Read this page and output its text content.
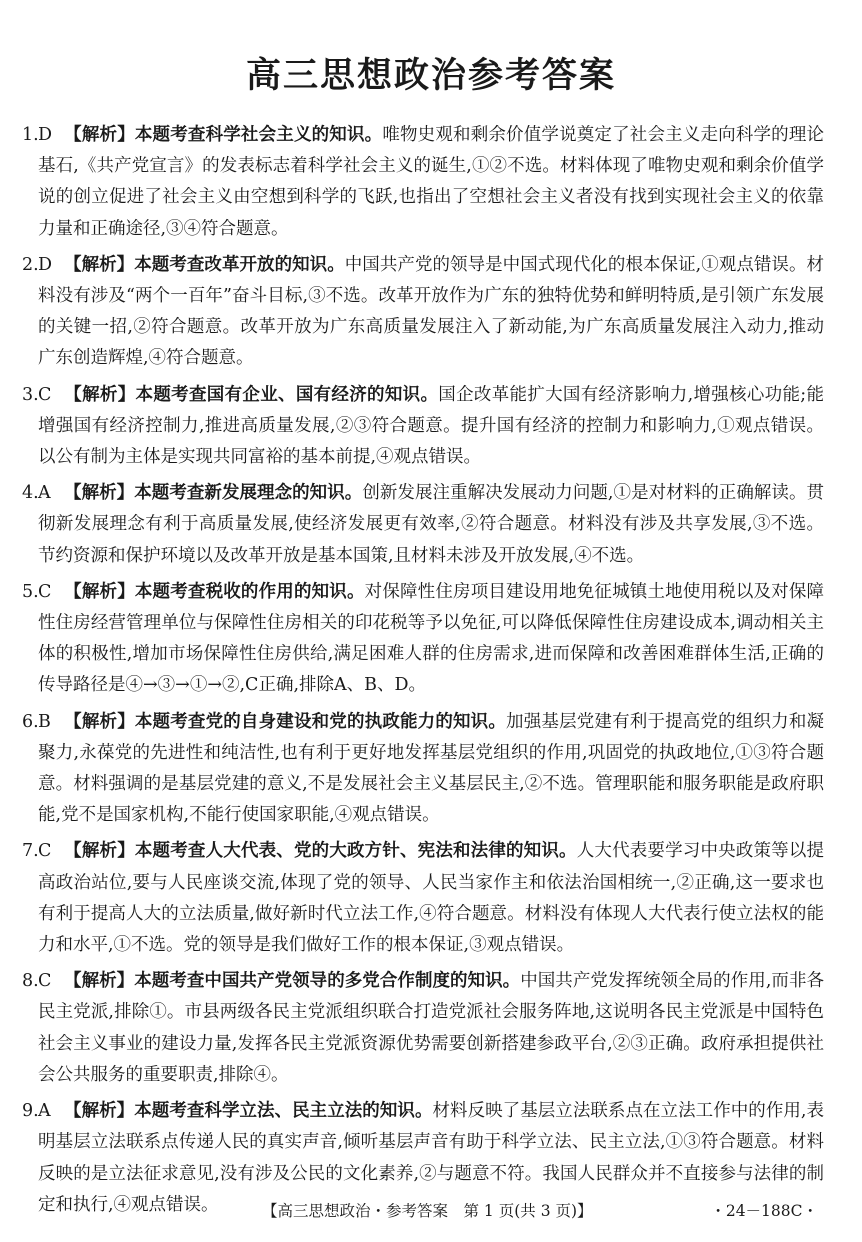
高三思想政治参考答案
1. D 【解析】本题考查科学社会主义的知识。唯物史观和剩余价值学说奠定了社会主义走向科学的理论基石,《共产党宣言》的发表标志着科学社会主义的诞生,①②不选。材料体现了唯物史观和剩余价值学说的创立促进了社会主义由空想到科学的飞跃,也指出了空想社会主义者没有找到实现社会主义的依靠力量和正确途径,③④符合题意。
2. D 【解析】本题考查改革开放的知识。中国共产党的领导是中国式现代化的根本保证,①观点错误。材料没有涉及“两个一百年”奋斗目标,③不选。改革开放作为广东的独特优势和鲜明特质,是引领广东发展的关键一招,②符合题意。改革开放为广东高质量发展注入了新动能,为广东高质量发展注入动力,推动广东创造辉煌,④符合题意。
3. C 【解析】本题考查国有企业、国有经济的知识。国企改革能扩大国有经济影响力,增强核心功能;能增强国有经济控制力,推进高质量发展,②③符合题意。提升国有经济的控制力和影响力,①观点错误。以公有制为主体是实现共同富裕的基本前提,④观点错误。
4. A 【解析】本题考查新发展理念的知识。创新发展注重解决发展动力问题,①是对材料的正确解读。贯彻新发展理念有利于高质量发展,使经济发展更有效率,②符合题意。材料没有涉及共享发展,③不选。节约资源和保护环境以及改革开放是基本国策,且材料未涉及开放发展,④不选。
5. C 【解析】本题考查税收的作用的知识。对保障性住房项目建设用地免征城镇土地使用税以及对保障性住房经营管理单位与保障性住房相关的印花税等予以免征,可以降低保障性住房建设成本,调动相关主体的积极性,增加市场保障性住房供给,满足困难人群的住房需求,进而保障和改善困难群体生活,正确的传导路径是④→③→①→②,C正确,排除A、B、D。
6. B 【解析】本题考查党的自身建设和党的执政能力的知识。加强基层党建有利于提高党的组织力和凝聚力,永葆党的先进性和纯洁性,也有利于更好地发挥基层党组织的作用,巩固党的执政地位,①③符合题意。材料强调的是基层党建的意义,不是发展社会主义基层民主,②不选。管理职能和服务职能是政府职能,党不是国家机构,不能行使国家职能,④观点错误。
7. C 【解析】本题考查人大代表、党的大政方针、宪法和法律的知识。人大代表要学习中央政策等以提高政治站位,要与人民座谈交流,体现了党的领导、人民当家作主和依法治国相统一,②正确,这一要求也有利于提高人大的立法质量,做好新时代立法工作,④符合题意。材料没有体现人大代表行使立法权的能力和水平,①不选。党的领导是我们做好工作的根本保证,③观点错误。
8. C 【解析】本题考查中国共产党领导的多党合作制度的知识。中国共产党发挥统领全局的作用,而非各民主党派,排除①。市县两级各民主党派组织联合打造党派社会服务阵地,这说明各民主党派是中国特色社会主义事业的建设力量,发挥各民主党派资源优势需要创新搭建参政平台,②③正确。政府承担提供社会公共服务的重要职责,排除④。
9. A 【解析】本题考查科学立法、民主立法的知识。材料反映了基层立法联系点在立法工作中的作用,表明基层立法联系点传递人民的真实声音,倾听基层声音有助于科学立法、民主立法,①③符合题意。材料反映的是立法征求意见,没有涉及公民的文化素养,②与题意不符。我国人民群众并不直接参与法律的制定和执行,④观点错误。	【高三思想政治・参考答案　第 1 页(共 3 页)】	・24－188C・
